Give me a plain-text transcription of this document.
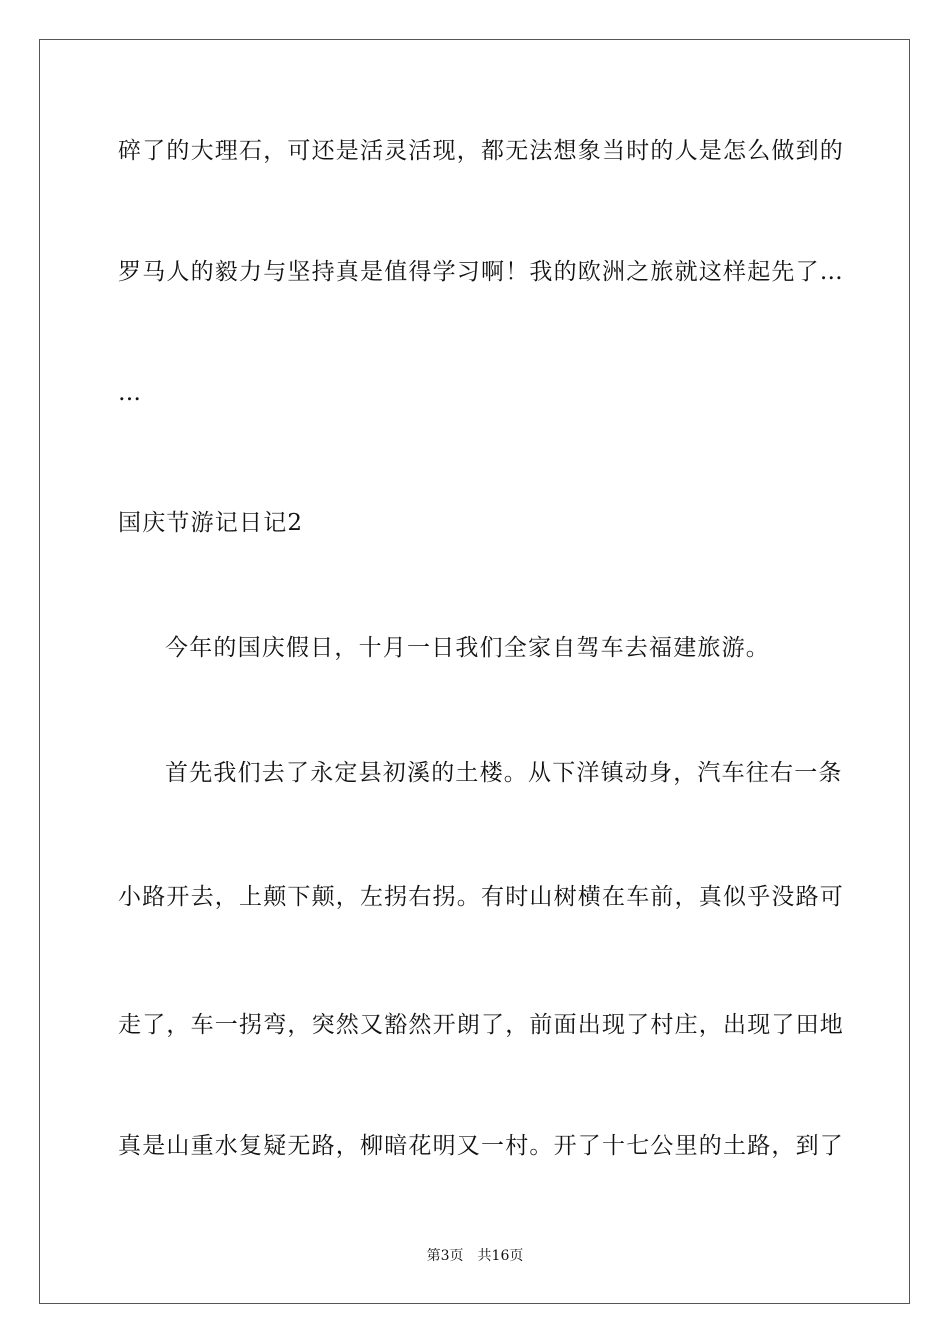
碎了的大理石，可还是活灵活现，都无法想象当时的人是怎么做到的
罗马人的毅力与坚持真是值得学习啊！我的欧洲之旅就这样起先了…
…
国庆节游记日记2
今年的国庆假日，十月一日我们全家自驾车去福建旅游。
首先我们去了永定县初溪的土楼。从下洋镇动身，汽车往右一条
小路开去，上颠下颠，左拐右拐。有时山树横在车前，真似乎没路可
走了，车一拐弯，突然又豁然开朗了，前面出现了村庄，出现了田地
真是山重水复疑无路，柳暗花明又一村。开了十七公里的土路，到了
第3页 共16页
